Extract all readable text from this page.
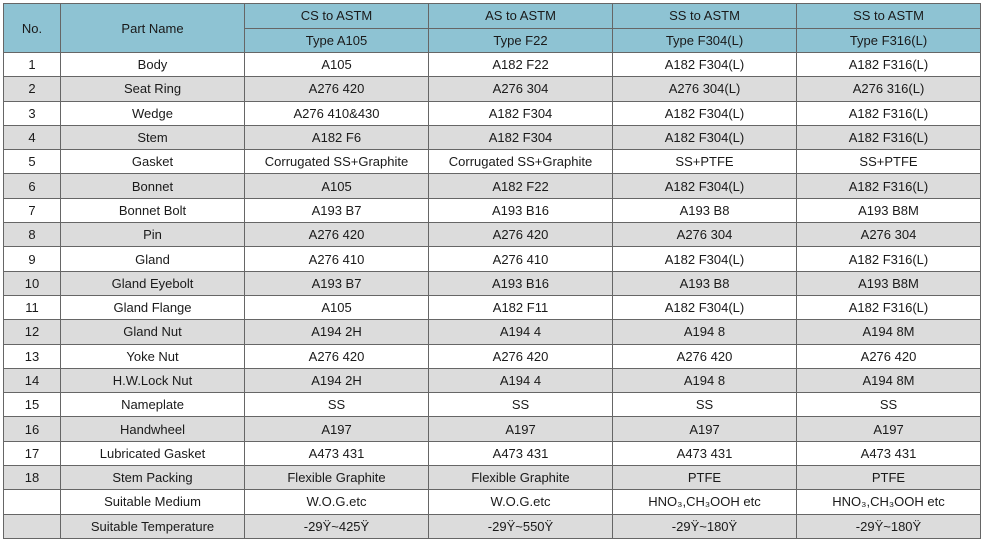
No.	Part Name	CS to ASTM	AS to ASTM	SS to ASTM	SS to ASTM
		Type A105	Type F22	Type F304(L)	Type F316(L)
1	Body	A105	A182 F22	A182 F304(L)	A182 F316(L)
2	Seat Ring	A276 420	A276 304	A276 304(L)	A276 316(L)
3	Wedge	A276 410&430	A182 F304	A182 F304(L)	A182 F316(L)
4	Stem	A182 F6	A182 F304	A182 F304(L)	A182 F316(L)
5	Gasket	Corrugated SS+Graphite	Corrugated SS+Graphite	SS+PTFE	SS+PTFE
6	Bonnet	A105	A182 F22	A182 F304(L)	A182 F316(L)
7	Bonnet Bolt	A193 B7	A193 B16	A193 B8	A193 B8M
8	Pin	A276 420	A276 420	A276 304	A276 304
9	Gland	A276 410	A276 410	A182 F304(L)	A182 F316(L)
10	Gland Eyebolt	A193 B7	A193 B16	A193 B8	A193 B8M
11	Gland Flange	A105	A182 F11	A182 F304(L)	A182 F316(L)
12	Gland Nut	A194 2H	A194 4	A194 8	A194 8M
13	Yoke Nut	A276 420	A276 420	A276 420	A276 420
14	H.W.Lock Nut	A194 2H	A194 4	A194 8	A194 8M
15	Nameplate	SS	SS	SS	SS
16	Handwheel	A197	A197	A197	A197
17	Lubricated Gasket	A473 431	A473 431	A473 431	A473 431
18	Stem Packing	Flexible Graphite	Flexible Graphite	PTFE	PTFE
	Suitable Medium	W.O.G.etc	W.O.G.etc	HNO₃,CH₃OOH etc	HNO₃,CH₃OOH etc
	Suitable Temperature	-29Ÿ~425Ÿ	-29Ÿ~550Ÿ	-29Ÿ~180Ÿ	-29Ÿ~180Ÿ
